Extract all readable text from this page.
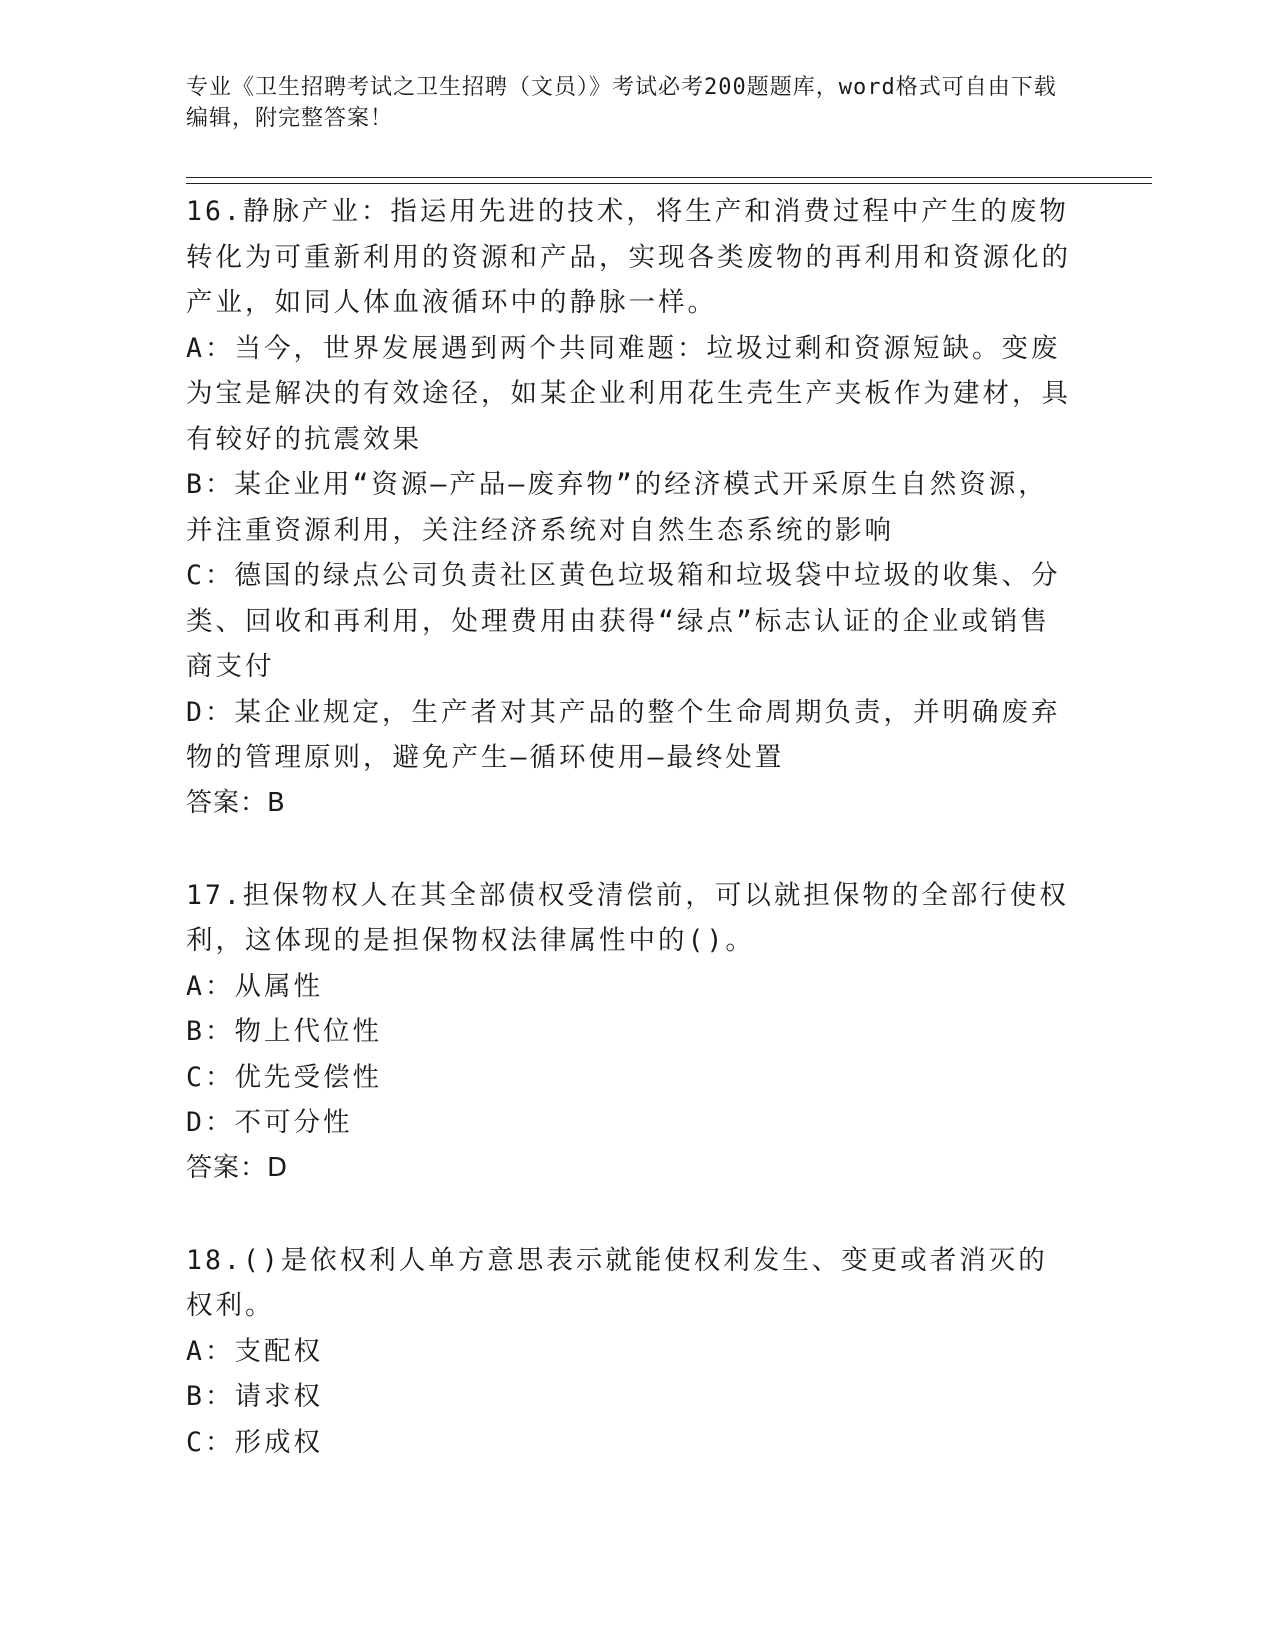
专业《卫生招聘考试之卫生招聘（文员）》考试必考200题题库，word格式可自由下载编辑，附完整答案！

16.静脉产业：指运用先进的技术，将生产和消费过程中产生的废物转化为可重新利用的资源和产品，实现各类废物的再利用和资源化的产业，如同人体血液循环中的静脉一样。

A：当今，世界发展遇到两个共同难题：垃圾过剩和资源短缺。变废为宝是解决的有效途径，如某企业利用花生壳生产夹板作为建材，具有较好的抗震效果

B：某企业用“资源—产品—废弃物”的经济模式开采原生自然资源，并注重资源利用，关注经济系统对自然生态系统的影响

C：德国的绿点公司负责社区黄色垃圾箱和垃圾袋中垃圾的收集、分类、回收和再利用，处理费用由获得“绿点”标志认证的企业或销售商支付

D：某企业规定，生产者对其产品的整个生命周期负责，并明确废弃物的管理原则，避免产生—循环使用—最终处置

答案：B

17.担保物权人在其全部债权受清偿前，可以就担保物的全部行使权利，这体现的是担保物权法律属性中的()。

A：从属性

B：物上代位性

C：优先受偿性

D：不可分性

答案：D

18.()是依权利人单方意思表示就能使权利发生、变更或者消灭的权利。

A：支配权

B：请求权

C：形成权
